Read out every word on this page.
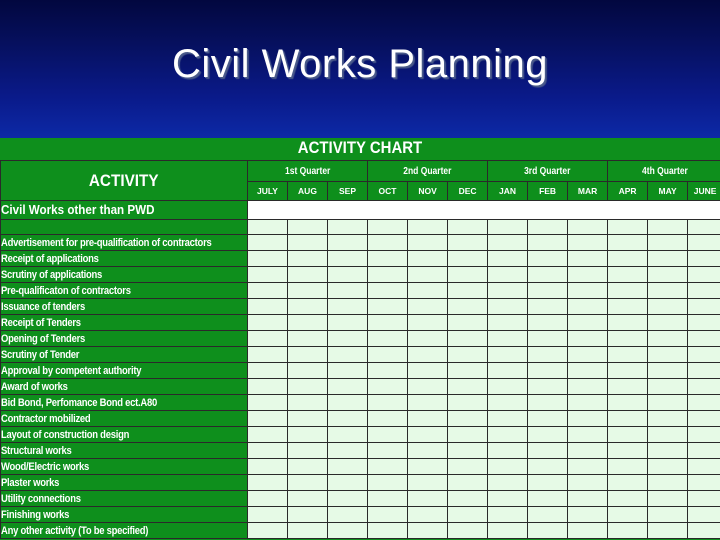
Civil Works Planning
ACTIVITY CHART
ACTIVITY	1st Quarter			2nd Quarter			3rd Quarter			4th Quarter		
	JULY	AUG	SEP	OCT	NOV	DEC	JAN	FEB	MAR	APR	MAY	JUNE
Civil Works other than PWD												

Advertisement for pre-qualification of contractors												
Receipt of applications												
Scrutiny of applications												
Pre-qualificaton of contractors												
Issuance of tenders												
Receipt of Tenders												
Opening of Tenders												
Scrutiny of Tender												
Approval by competent authority												
Award of works												
Bid Bond, Perfomance Bond ect.A80												
Contractor mobilized												
Layout of construction design												
Structural works												
Wood/Electric works												
Plaster works												
Utility connections												
Finishing works												
Any other activity (To be specified)												
